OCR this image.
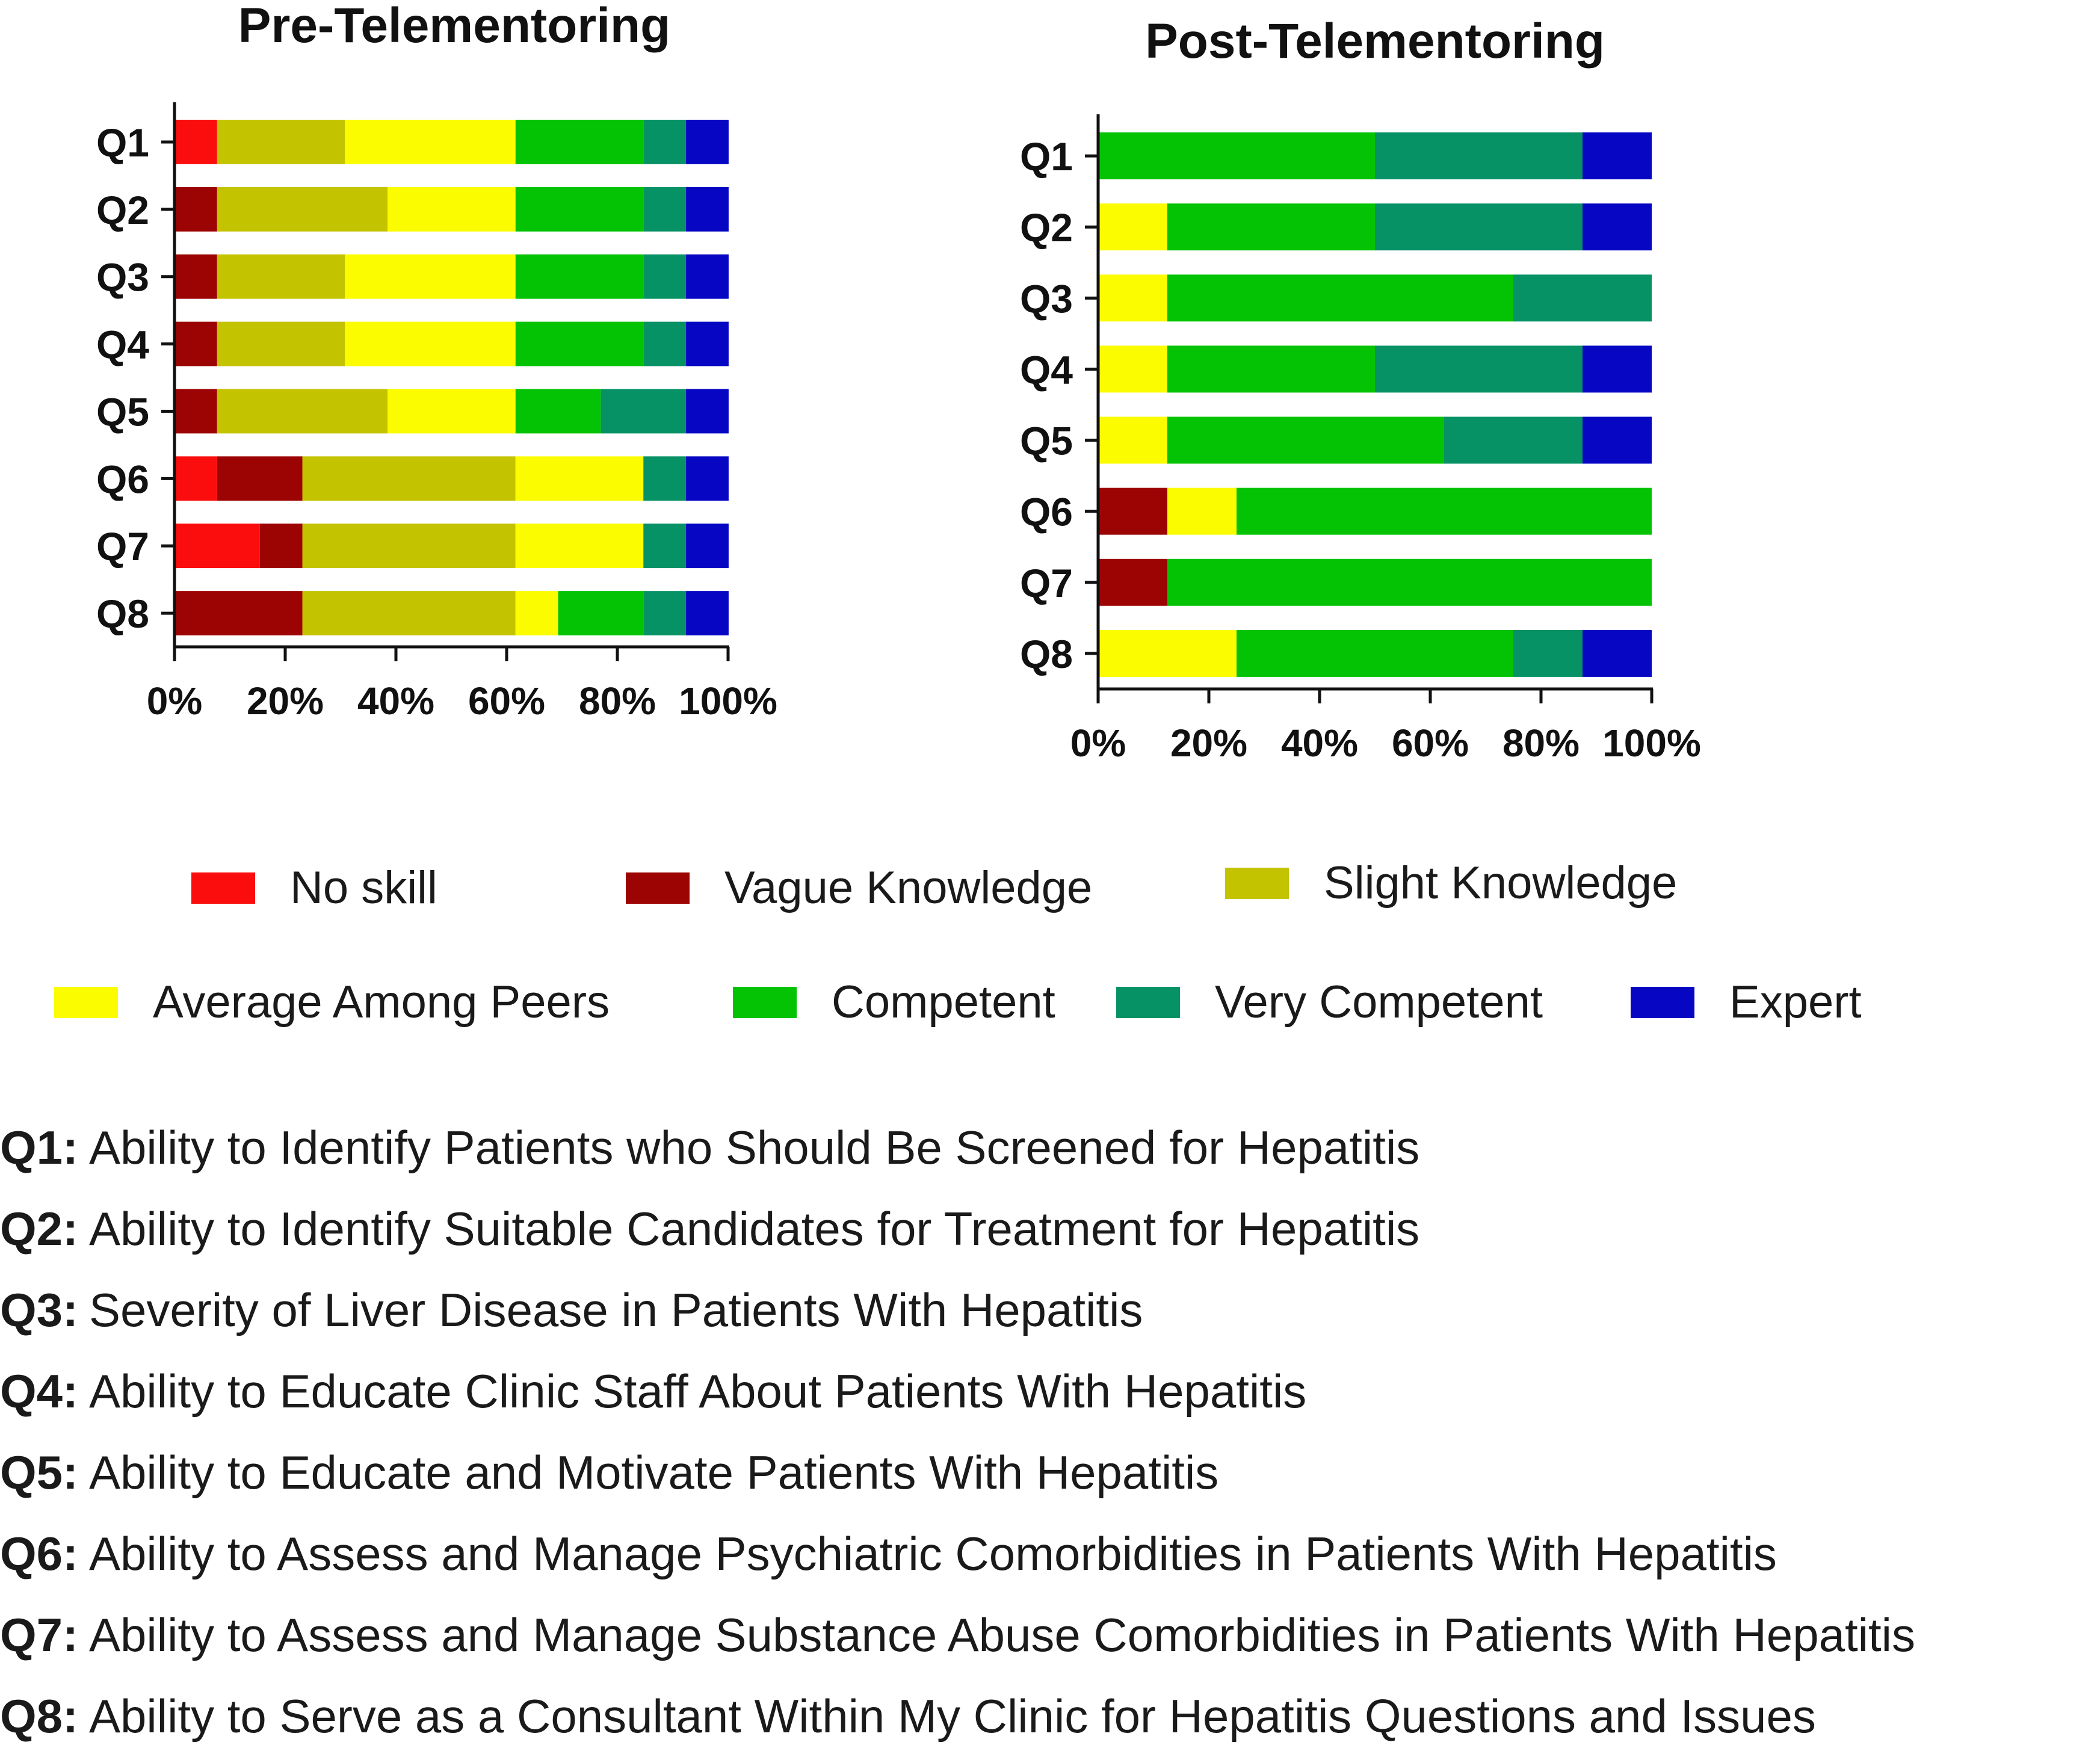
Pre-Telementoring	Post-Telementoring
Q1
Q2
Q3
Q4
Q5
Q6
Q7
Q8
0% 20% 40% 60% 80% 100%
Q1
Q2
Q3
Q4
Q5
Q6
Q7
Q8
0% 20% 40% 60% 80% 100%
No skill	Vague Knowledge	Slight Knowledge
Average Among Peers	Competent	Very Competent	Expert
Q1: Ability to Identify Patients who Should Be Screened for Hepatitis
Q2: Ability to Identify Suitable Candidates for Treatment for Hepatitis
Q3: Severity of Liver Disease in Patients With Hepatitis
Q4: Ability to Educate Clinic Staff About Patients With Hepatitis
Q5: Ability to Educate and Motivate Patients With Hepatitis
Q6: Ability to Assess and Manage Psychiatric Comorbidities in Patients With Hepatitis
Q7: Ability to Assess and Manage Substance Abuse Comorbidities in Patients With Hepatitis
Q8: Ability to Serve as a Consultant Within My Clinic for Hepatitis Questions and Issues
